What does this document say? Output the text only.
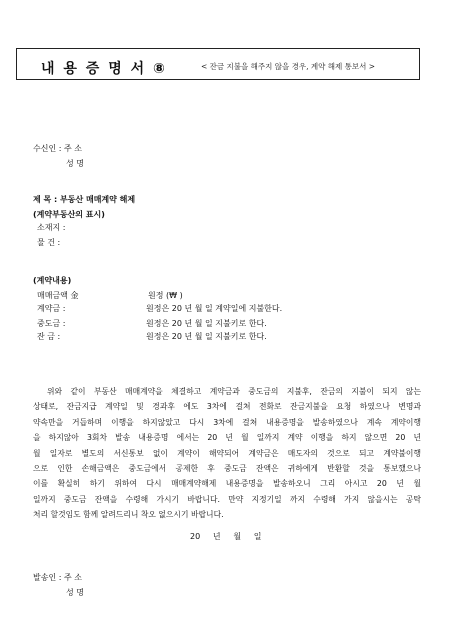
내 용 증 명 서 ⑧	< 잔금 지불을 해주지 않을 경우, 계약 해제 통보서 >
수신인 : 주 소
성 명
제 목 : 부동산 매매계약 해제
(계약부동산의 표시)
소재지 :
물 건 :
(계약내용)
매매금액 金	원정 (₩ )
계약금 :	원정은 20 년 월 일 계약일에 지불한다.
중도금 :	원정은 20 년 월 일 지불키로 한다.
잔 금 :	원정은 20 년 월 일 지불키로 한다.
위와 같이 부동산 매매계약을 체결하고 계약금과 중도금의 지불후, 잔금의 지불이 되지 않는
상태로, 잔금지급 계약일 및 경과후 에도 3차에 걸쳐 전화로 잔금지불을 요청 하였으나 변명과
약속만을 거듭하며 이행을 하지않았고 다시 3차에 걸쳐 내용증명을 발송하였으나 계속 계약이행
을 하지않아 3회차 발송 내용증명 에서는 20 년 월 일까지 계약 이행을 하지 않으면 20 년
월 일자로 별도의 서신통보 없이 계약이 해약되어 계약금은 매도자의 것으로 되고 계약불이행
으로 인한 손해금액은 중도금에서 공제한 후 중도금 잔액은 귀하에게 반환할 것을 통보했으나
이를 확실히 하기 위하여 다시 매매계약해제 내용증명을 발송하오니 그리 아시고 20 년 월
일까지 중도금 잔액을 수령해 가시기 바랍니다. 만약 지정기일 까지 수령해 가지 않을시는 공탁
처리 할것임도 함께 알려드리니 착오 없으시기 바랍니다.
20     년     월     일
발송인 : 주 소
성 명
